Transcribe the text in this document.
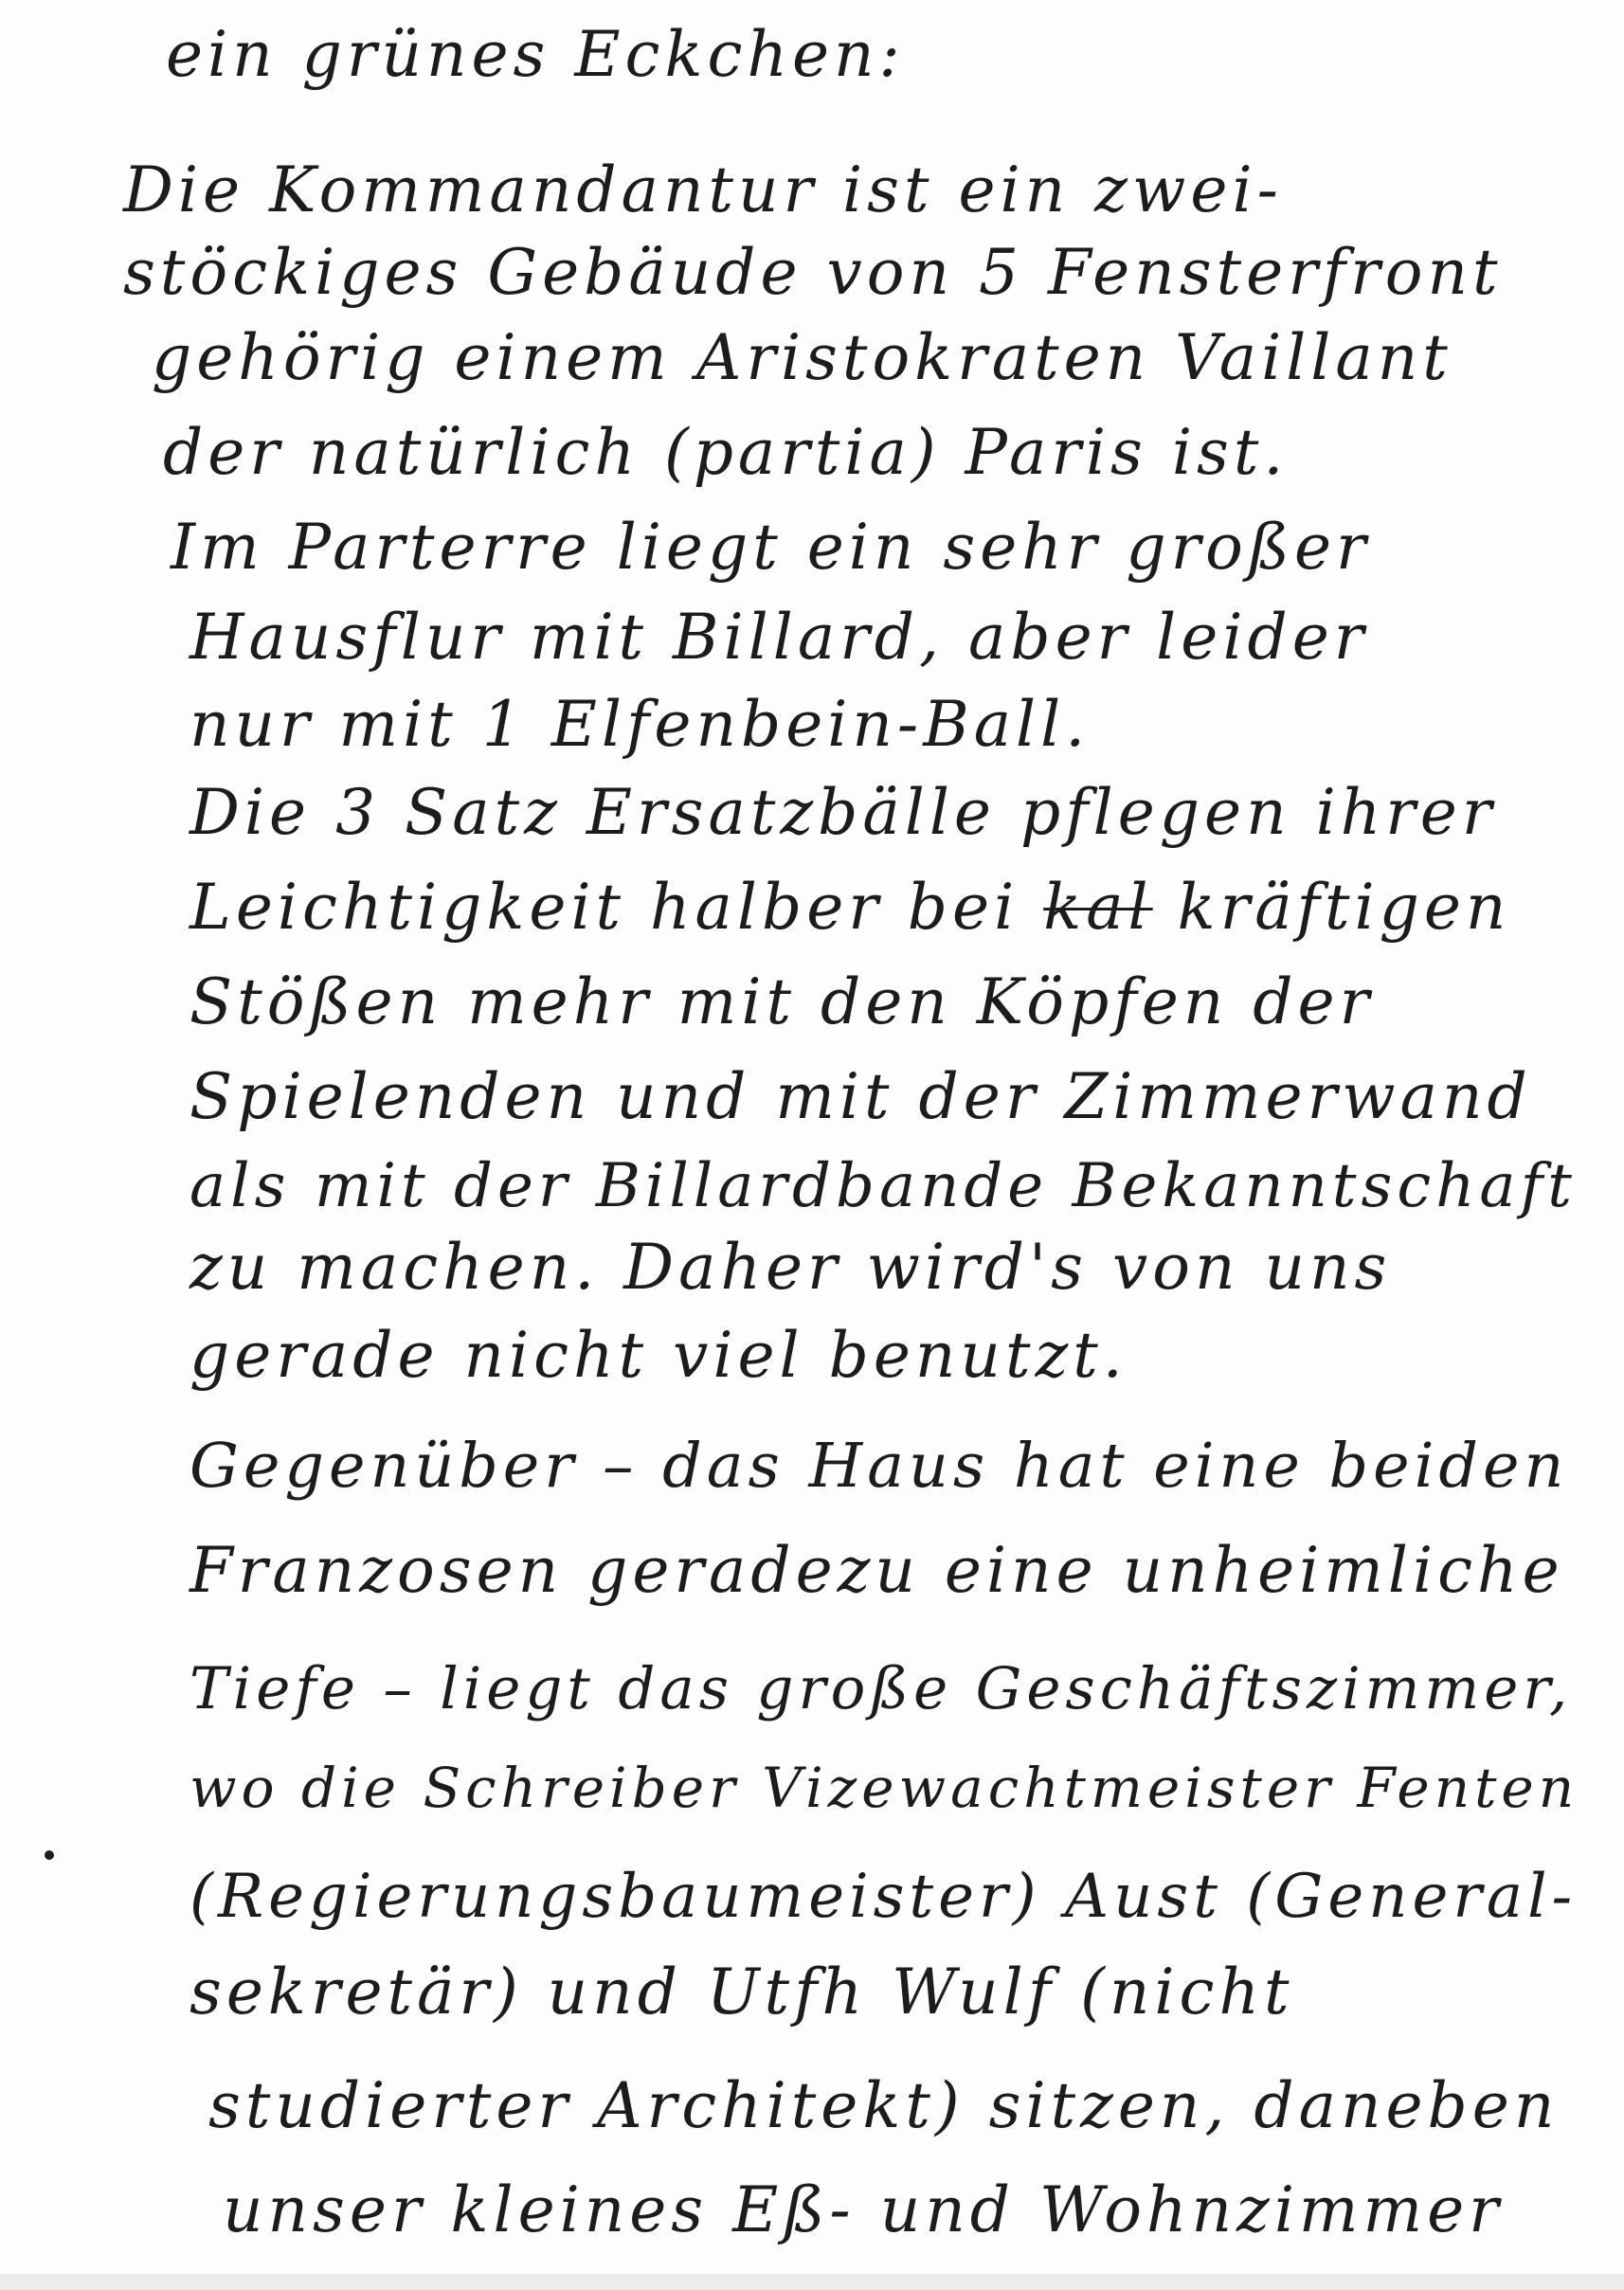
ein grünes Eckchen:
Die Kommandantur ist ein zwei-
stöckiges Gebäude von 5 Fensterfront
gehörig einem Aristokraten Vaillant
der natürlich (partia) Paris ist.
Im Parterre liegt ein sehr großer
Hausflur mit Billard, aber leider
nur mit 1 Elfenbein-Ball.
Die 3 Satz Ersatzbälle pflegen ihrer
Leichtigkeit halber bei kal kräftigen
Stößen mehr mit den Köpfen der
Spielenden und mit der Zimmerwand
als mit der Billardbande Bekanntschaft
zu machen. Daher wird's von uns
gerade nicht viel benutzt.
Gegenüber – das Haus hat eine beiden
Franzosen geradezu eine unheimliche
Tiefe – liegt das große Geschäftszimmer,
wo die Schreiber Vizewachtmeister Fenten
(Regierungsbaumeister) Aust (General-
sekretär) und Utfh Wulf (nicht
studierter Architekt) sitzen, daneben
unser kleines Eß- und Wohnzimmer
